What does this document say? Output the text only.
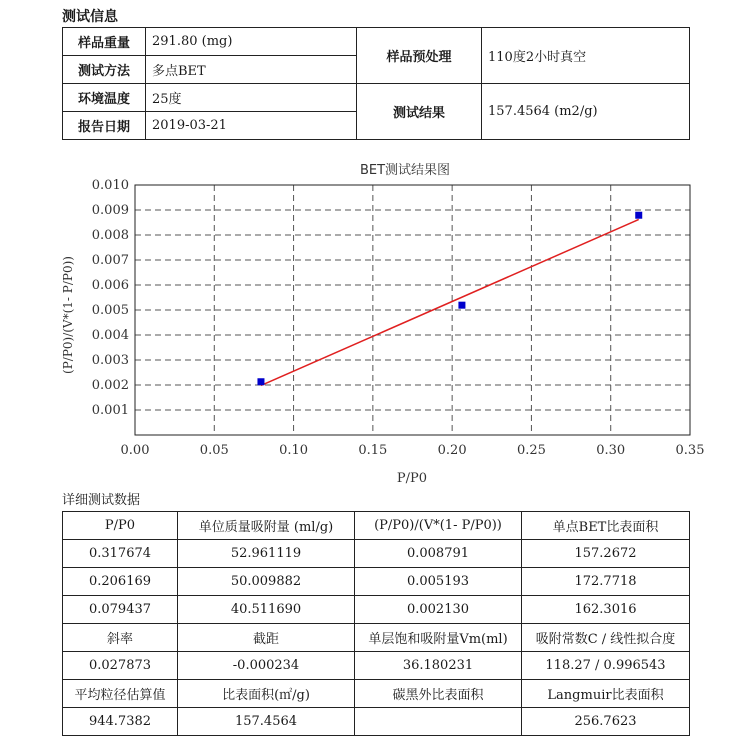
测试信息
样品重量	291.80 (mg)	样品预处理	110度2小时真空
测试方法	多点BET		
环境温度	25度	测试结果	157.4564 (m2/g)
报告日期	2019-03-21		
BET测试结果图
0.00	0.05	0.10	0.15	0.20	0.25	0.30	0.35
0.001
0.002
0.003
0.004
0.005
0.006
0.007
0.008
0.009
0.010
P/P0
(P/P0)/(V*(1- P/P0))
详细测试数据
P/P0	单位质量吸附量 (ml/g)	(P/P0)/(V*(1- P/P0))	单点BET比表面积
0.317674	52.961119	0.008791	157.2672
0.206169	50.009882	0.005193	172.7718
0.079437	40.511690	0.002130	162.3016
斜率	截距	单层饱和吸附量Vm(ml)	吸附常数C / 线性拟合度
0.027873	-0.000234	36.180231	118.27 / 0.996543
平均粒径估算值	比表面积(㎡/g)	碳黑外比表面积	Langmuir比表面积
944.7382	157.4564		256.7623
